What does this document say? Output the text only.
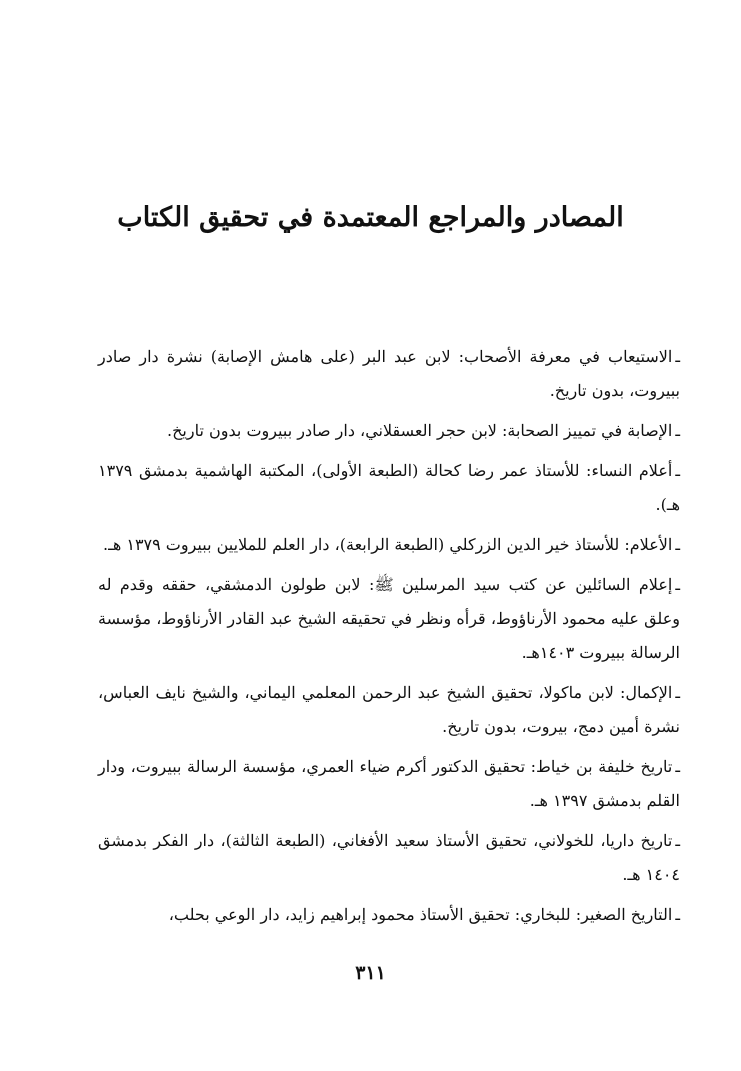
المصادر والمراجع المعتمدة في تحقيق الكتاب

ـالاستيعاب في معرفة الأصحاب: لابن عبد البر (على هامش الإصابة) نشرة دار صادر ببيروت، بدون تاريخ.

ـالإصابة في تمييز الصحابة: لابن حجر العسقلاني، دار صادر ببيروت بدون تاريخ.

ـأعلام النساء: للأستاذ عمر رضا كحالة (الطبعة الأولى)، المكتبة الهاشمية بدمشق ١٣٧٩ هـ).

ـالأعلام: للأستاذ خير الدين الزركلي (الطبعة الرابعة)، دار العلم للملايين ببيروت ١٣٧٩ هـ.

ـإعلام السائلين عن كتب سيد المرسلين ﷺ: لابن طولون الدمشقي، حققه وقدم له وعلق عليه محمود الأرناؤوط، قرأه ونظر في تحقيقه الشيخ عبد القادر الأرناؤوط، مؤسسة الرسالة ببيروت ١٤٠٣هـ.

ـالإكمال: لابن ماكولا، تحقيق الشيخ عبد الرحمن المعلمي اليماني، والشيخ نايف العباس، نشرة أمين دمج، بيروت، بدون تاريخ.

ـتاريخ خليفة بن خياط: تحقيق الدكتور أكرم ضياء العمري، مؤسسة الرسالة ببيروت، ودار القلم بدمشق ١٣٩٧ هـ.

ـتاريخ داريا، للخولاني، تحقيق الأستاذ سعيد الأفغاني، (الطبعة الثالثة)، دار الفكر بدمشق ١٤٠٤ هـ.

ـالتاريخ الصغير: للبخاري: تحقيق الأستاذ محمود إبراهيم زايد، دار الوعي بحلب،

٣١١
